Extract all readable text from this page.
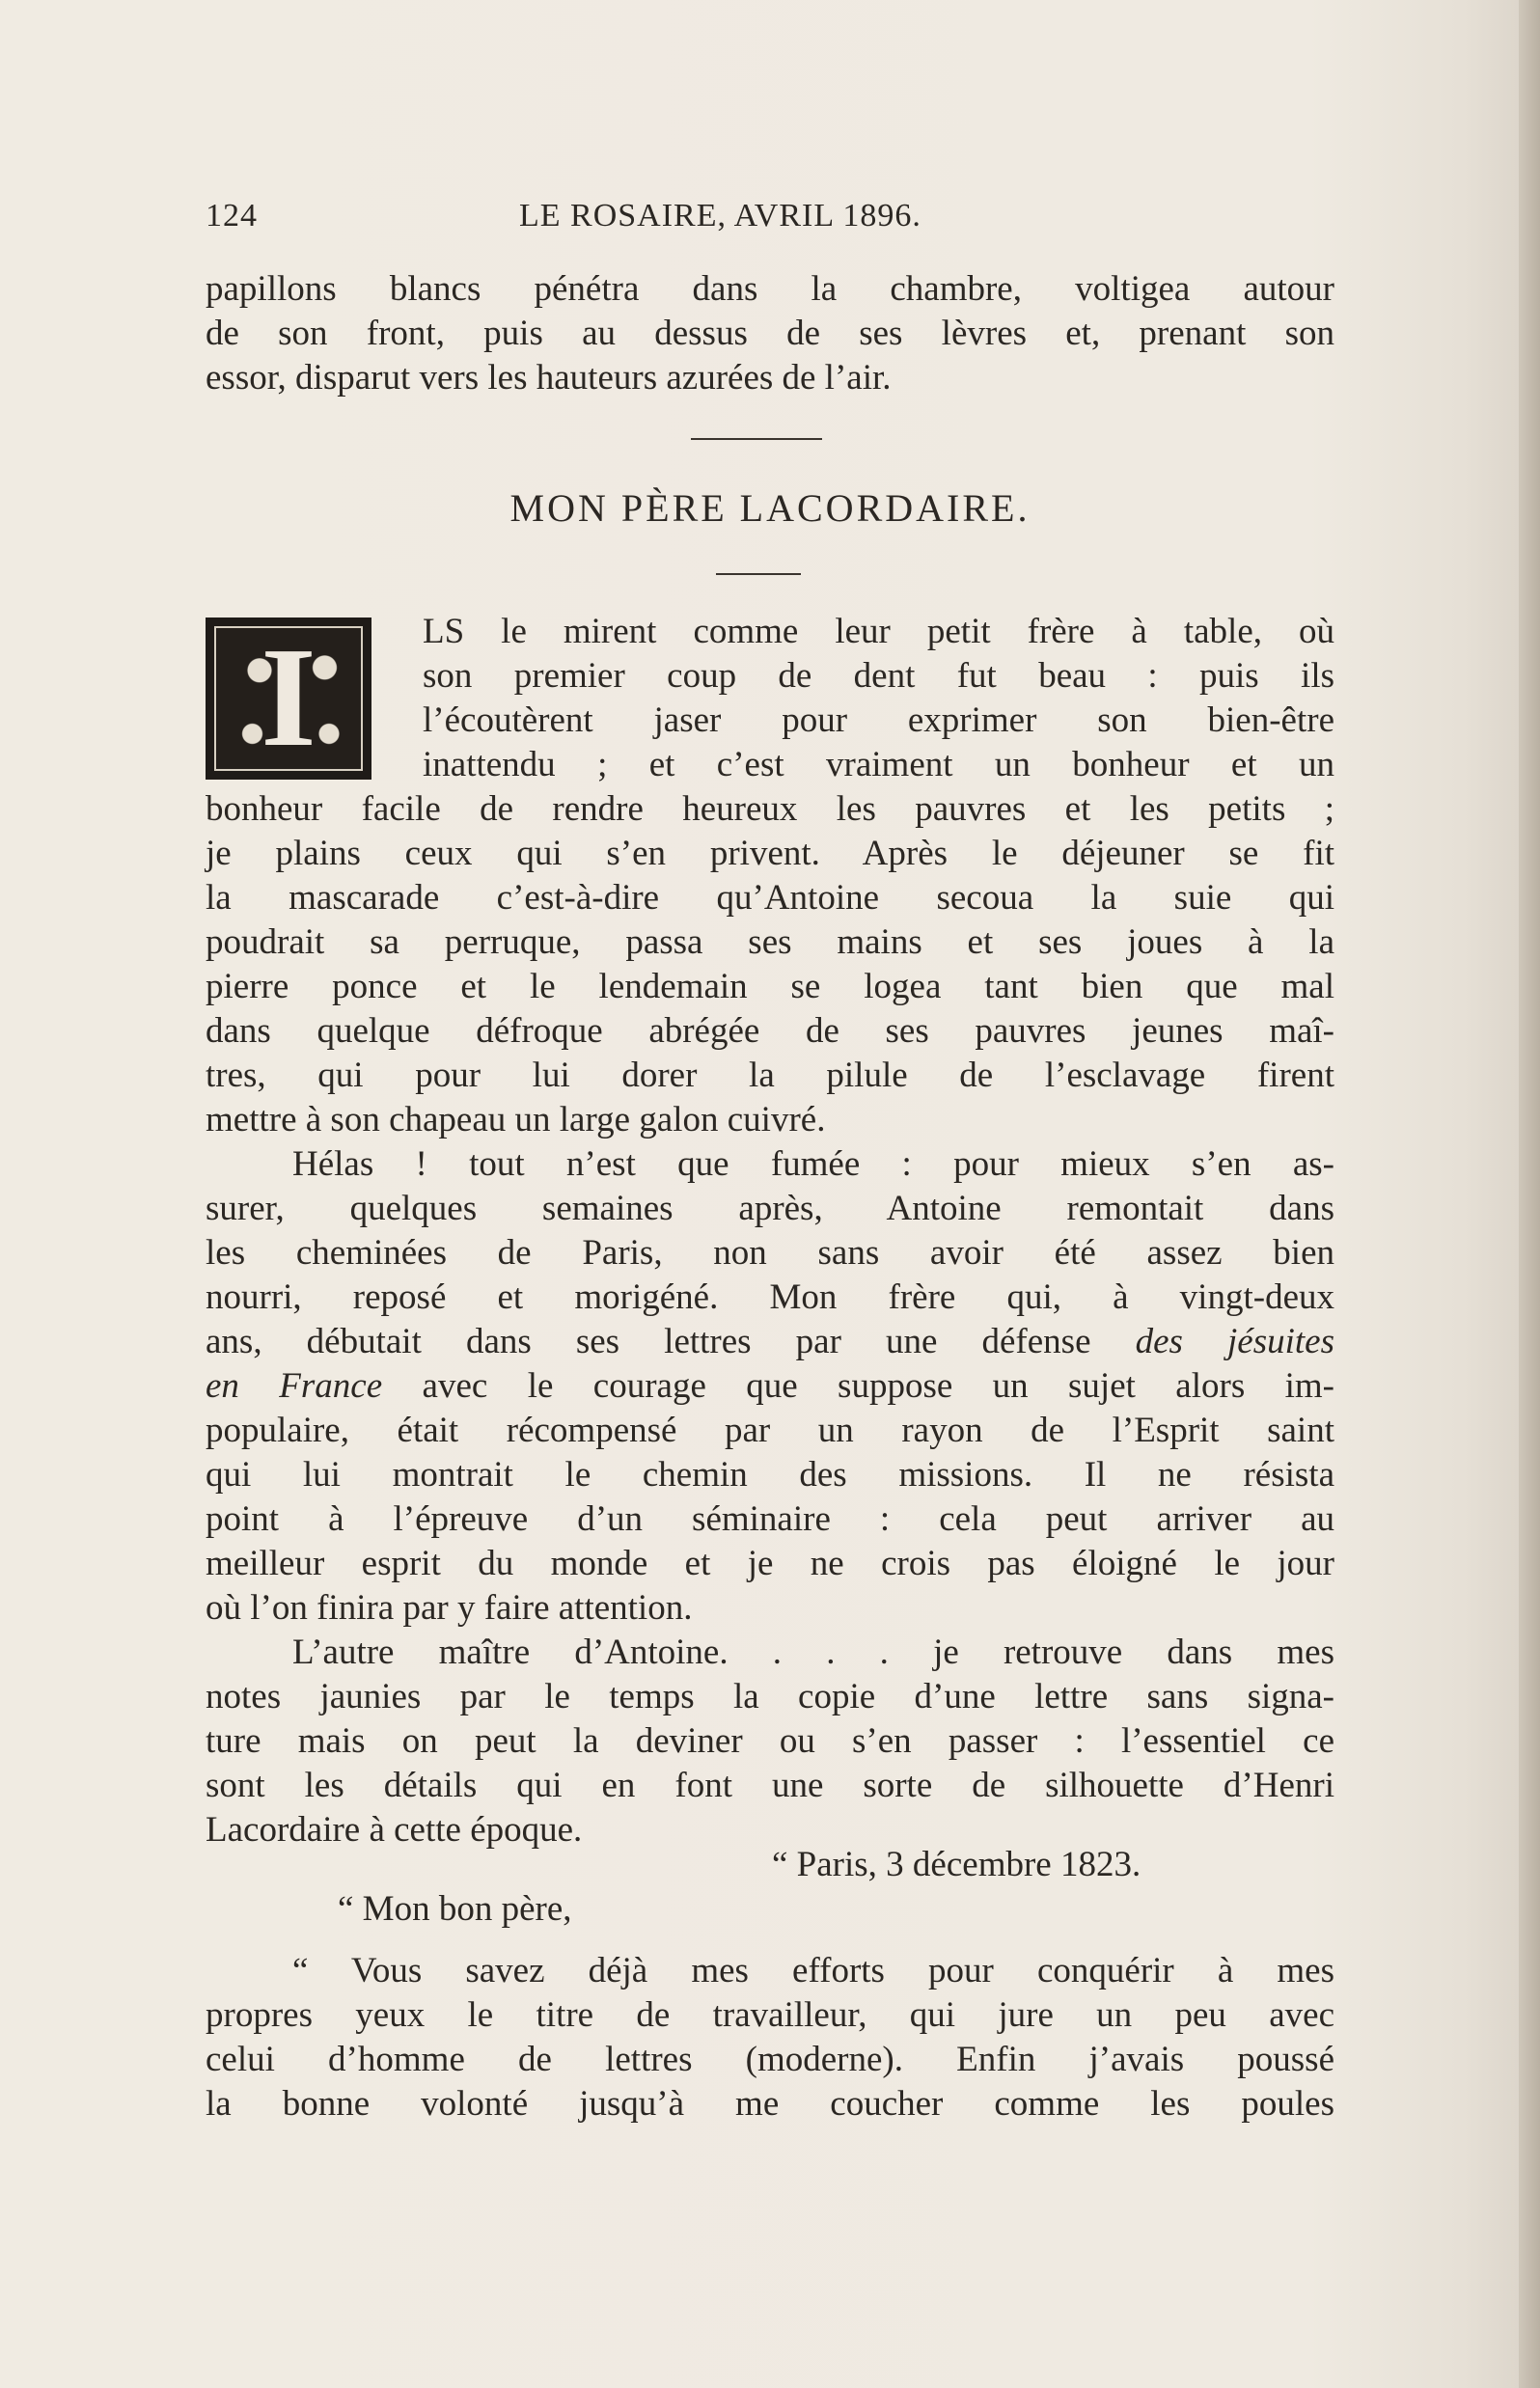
124	LE ROSAIRE, AVRIL 1896.
papillons blancs pénétra dans la chambre, voltigea autour
de son front, puis au dessus de ses lèvres et, prenant son
essor, disparut vers les hauteurs azurées de l’air.
MON PÈRE LACORDAIRE.
I	LS le mirent comme leur petit frère à table, où
son premier coup de dent fut beau : puis ils
l’écoutèrent jaser pour exprimer son bien-être
inattendu ; et c’est vraiment un bonheur et un
bonheur facile de rendre heureux les pauvres et les petits ;
je plains ceux qui s’en privent. Après le déjeuner se fit
la mascarade c’est-à-dire qu’Antoine secoua la suie qui
poudrait sa perruque, passa ses mains et ses joues à la
pierre ponce et le lendemain se logea tant bien que mal
dans quelque défroque abrégée de ses pauvres jeunes maî-
tres, qui pour lui dorer la pilule de l’esclavage firent
mettre à son chapeau un large galon cuivré.
Hélas ! tout n’est que fumée : pour mieux s’en as-
surer, quelques semaines après, Antoine remontait dans
les cheminées de Paris, non sans avoir été assez bien
nourri, reposé et morigéné. Mon frère qui, à vingt-deux
ans, débutait dans ses lettres par une défense des jésuites
en France avec le courage que suppose un sujet alors im-
populaire, était récompensé par un rayon de l’Esprit saint
qui lui montrait le chemin des missions. Il ne résista
point à l’épreuve d’un séminaire : cela peut arriver au
meilleur esprit du monde et je ne crois pas éloigné le jour
où l’on finira par y faire attention.
L’autre maître d’Antoine. . . . je retrouve dans mes
notes jaunies par le temps la copie d’une lettre sans signa-
ture mais on peut la deviner ou s’en passer : l’essentiel ce
sont les détails qui en font une sorte de silhouette d’Henri
Lacordaire à cette époque.
“ Paris, 3 décembre 1823.
“ Mon bon père,
“ Vous savez déjà mes efforts pour conquérir à mes
propres yeux le titre de travailleur, qui jure un peu avec
celui d’homme de lettres (moderne). Enfin j’avais poussé
la bonne volonté jusqu’à me coucher comme les poules
